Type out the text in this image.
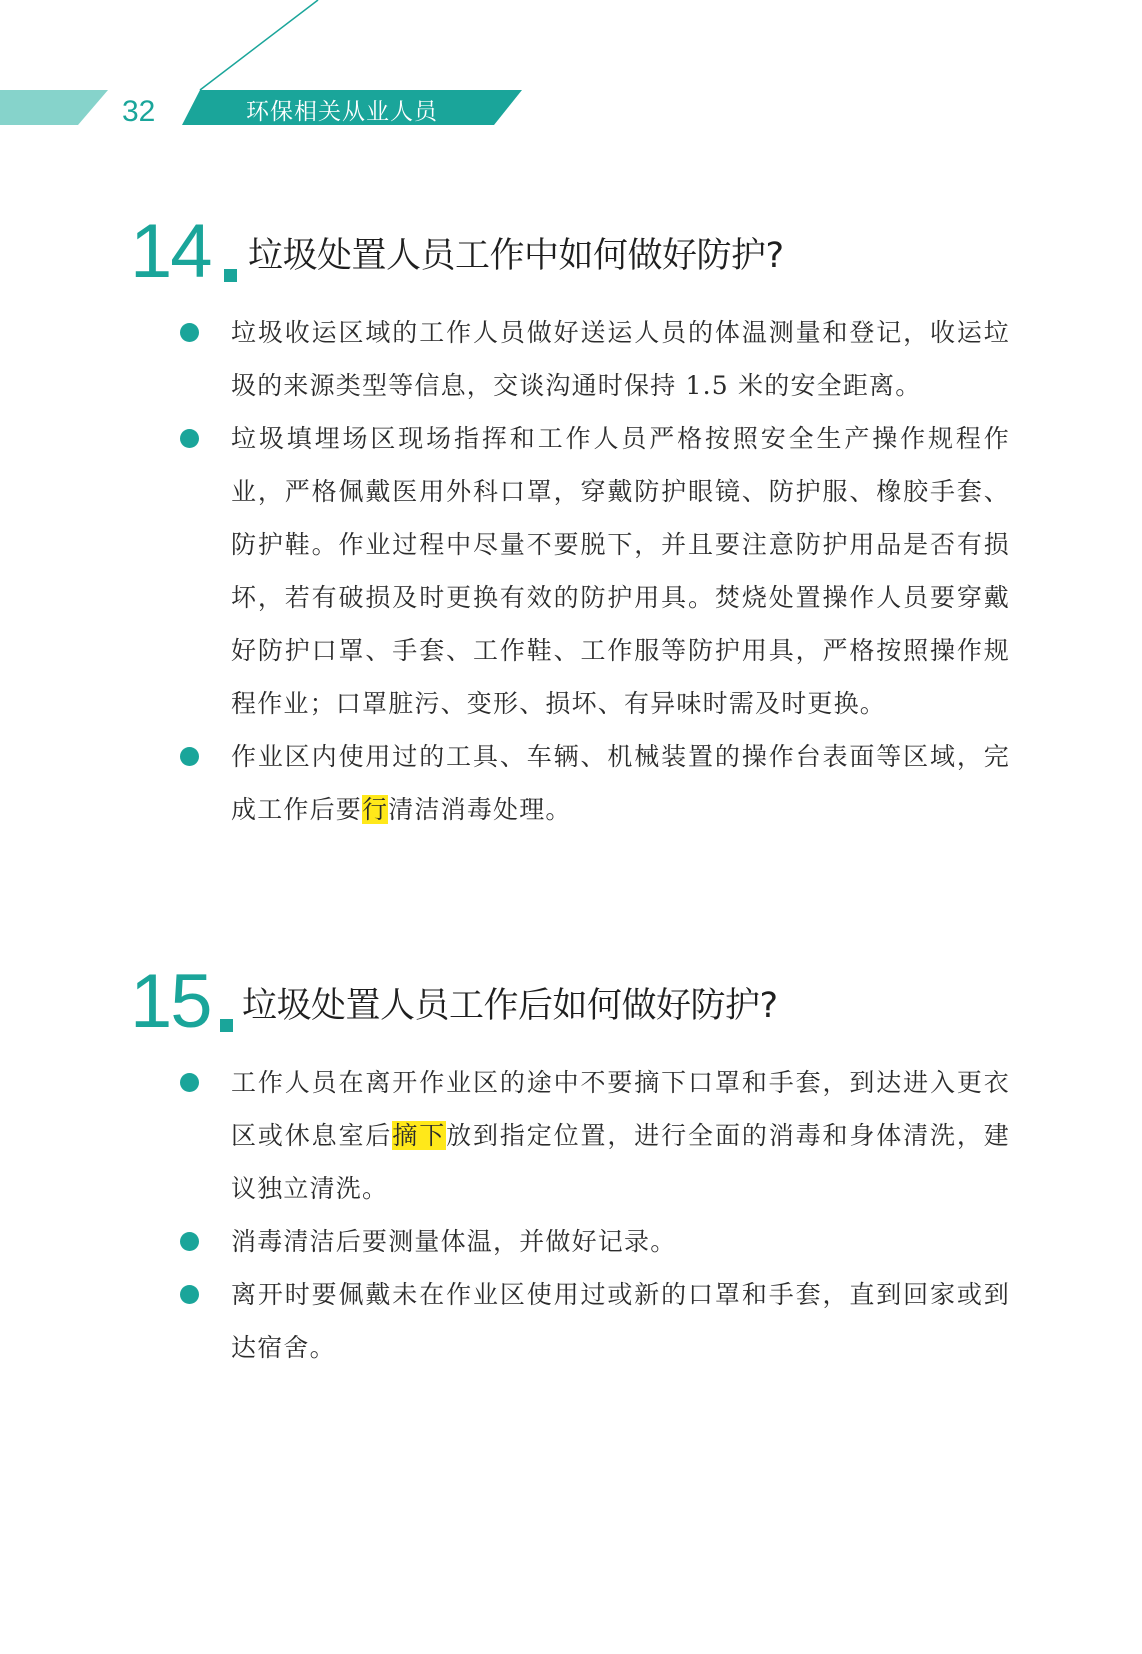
32	环保相关从业人员
14 垃圾处置人员工作中如何做好防护?
垃圾收运区域的工作人员做好送运人员的体温测量和登记，收运垃圾的来源类型等信息，交谈沟通时保持 1.5 米的安全距离。
垃圾填埋场区现场指挥和工作人员严格按照安全生产操作规程作业，严格佩戴医用外科口罩，穿戴防护眼镜、防护服、橡胶手套、防护鞋。作业过程中尽量不要脱下，并且要注意防护用品是否有损坏，若有破损及时更换有效的防护用具。焚烧处置操作人员要穿戴好防护口罩、手套、工作鞋、工作服等防护用具，严格按照操作规程作业；口罩脏污、变形、损坏、有异味时需及时更换。
作业区内使用过的工具、车辆、机械装置的操作台表面等区域，完成工作后要行清洁消毒处理。
15 垃圾处置人员工作后如何做好防护?
工作人员在离开作业区的途中不要摘下口罩和手套，到达进入更衣区或休息室后摘下放到指定位置，进行全面的消毒和身体清洗，建议独立清洗。
消毒清洁后要测量体温，并做好记录。
离开时要佩戴未在作业区使用过或新的口罩和手套，直到回家或到达宿舍。
